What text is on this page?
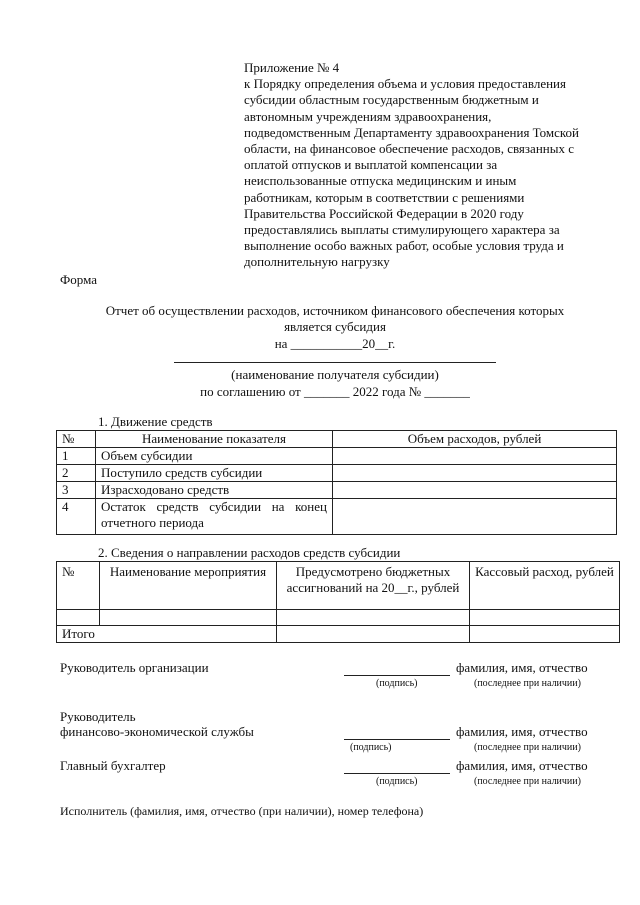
Приложение № 4
к Порядку определения объема и условия предоставления
субсидии областным государственным бюджетным и
автономным учреждениям здравоохранения,
подведомственным Департаменту здравоохранения Томской
области, на финансовое обеспечение расходов, связанных с
оплатой отпусков и выплатой компенсации за
неиспользованные отпуска медицинским и иным
работникам, которым в соответствии с решениями
Правительства Российской Федерации в 2020 году
предоставлялись выплаты стимулирующего характера за
выполнение особо важных работ, особые условия труда и
дополнительную нагрузку
Форма
Отчет об осуществлении расходов, источником финансового обеспечения которых
является субсидия
на ___________20__г.
(наименование получателя субсидии)
по соглашению от _______ 2022 года № _______
1. Движение средств
№	Наименование показателя	Объем расходов, рублей
1	Объем субсидии	
2	Поступило средств субсидии	
3	Израсходовано средств	
4	Остаток средств субсидии на конец
отчетного периода	

2. Сведения о направлении расходов средств субсидии
№	Наименование мероприятия	Предусмотрено бюджетных ассигнований на 20__г., рублей	Кассовый расход, рублей

Итого			
Руководитель организации	фамилия, имя, отчество
(подпись)	(последнее при наличии)
Руководитель
финансово-экономической службы	фамилия, имя, отчество
(подпись)	(последнее при наличии)
Главный бухгалтер	фамилия, имя, отчество
(подпись)	(последнее при наличии)
Исполнитель (фамилия, имя, отчество (при наличии), номер телефона)
